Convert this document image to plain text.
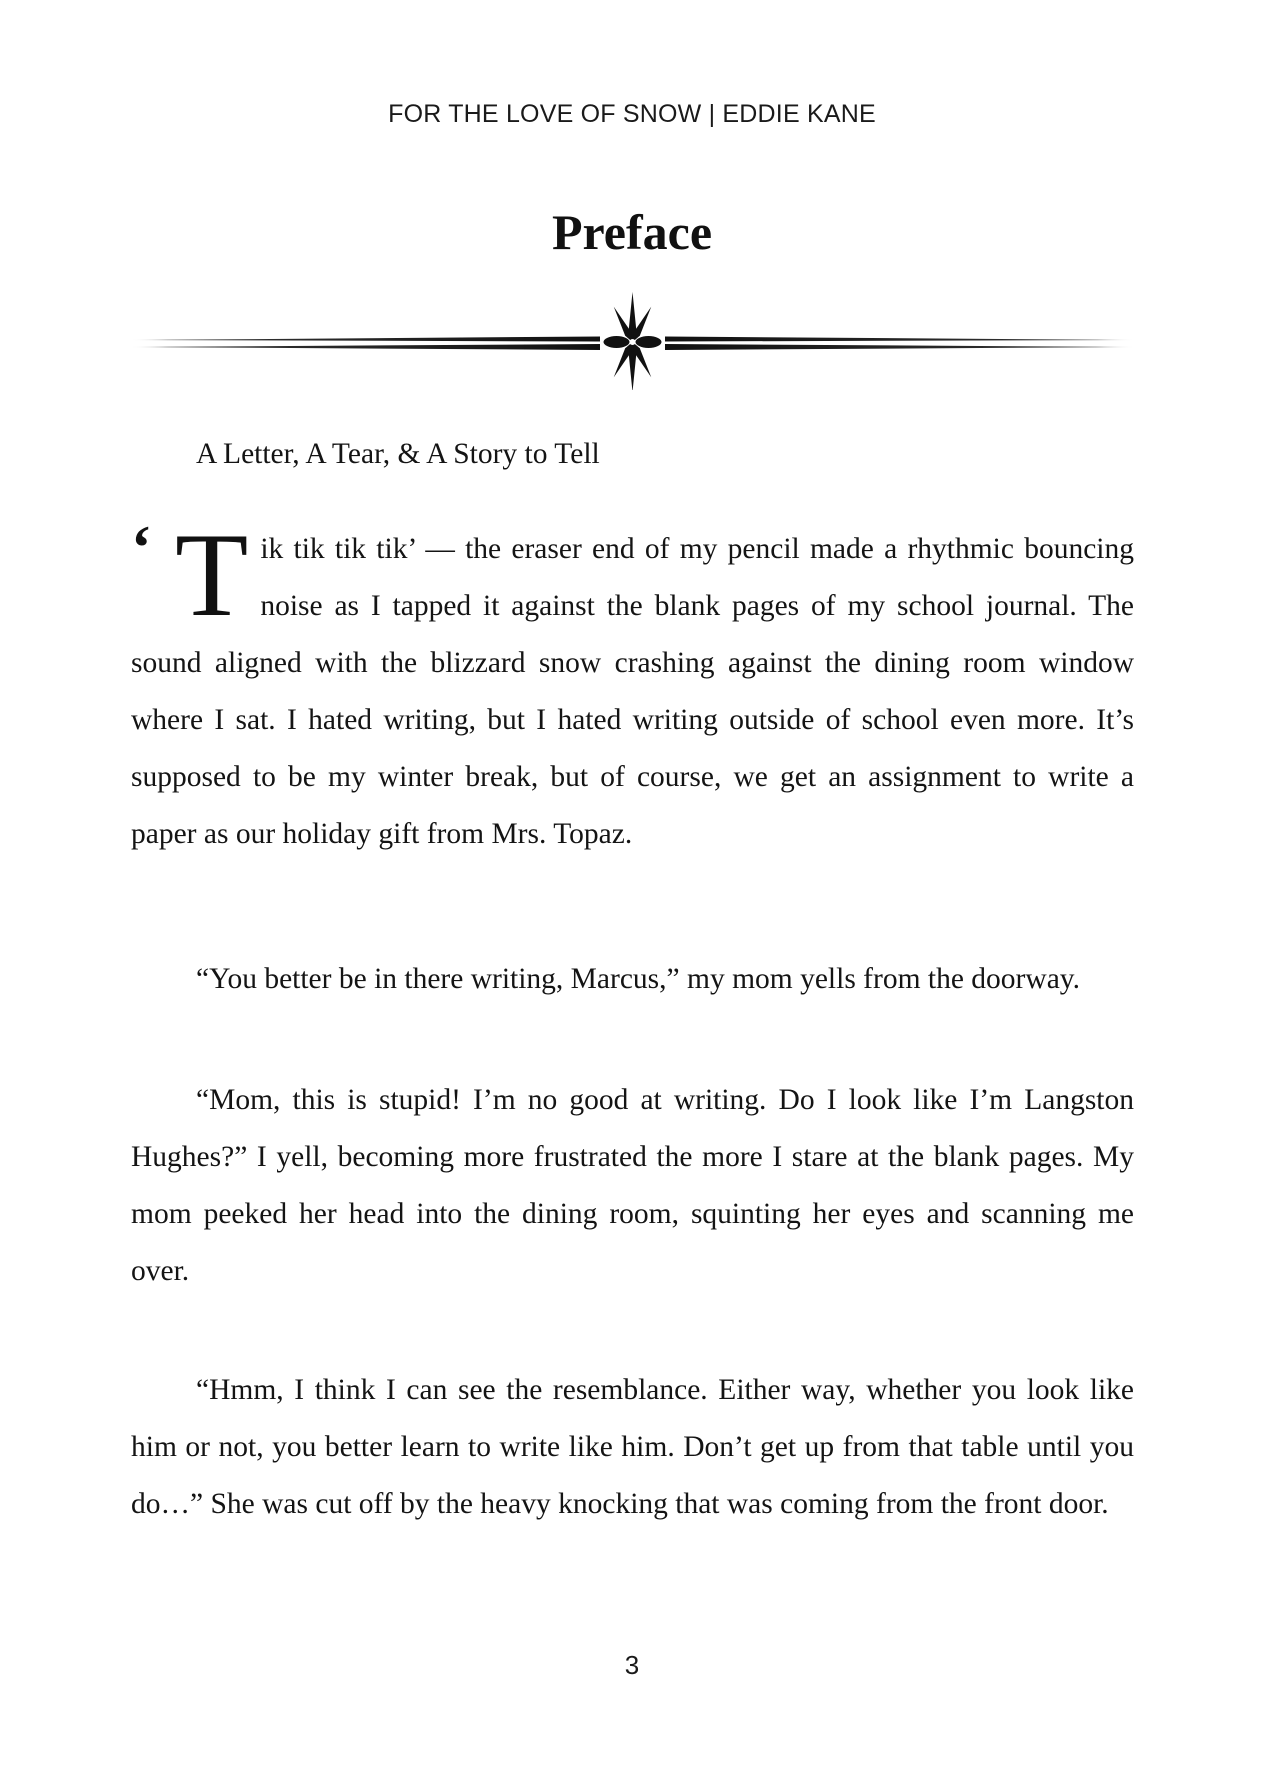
FOR THE LOVE OF SNOW | EDDIE KANE
Preface
A Letter, A Tear, & A Story to Tell
‘ Tik tik tik tik’ — the eraser end of my pencil made a rhythmic bouncing noise as I tapped it against the blank pages of my school journal. The sound aligned with the blizzard snow crashing against the dining room window where I sat. I hated writing, but I hated writing outside of school even more. It’s supposed to be my winter break, but of course, we get an assignment to write a paper as our holiday gift from Mrs. Topaz.

“You better be in there writing, Marcus,” my mom yells from the doorway.

“Mom, this is stupid! I’m no good at writing. Do I look like I’m Langston Hughes?” I yell, becoming more frustrated the more I stare at the blank pages. My mom peeked her head into the dining room, squinting her eyes and scanning me over.

“Hmm, I think I can see the resemblance. Either way, whether you look like him or not, you better learn to write like him. Don’t get up from that table until you do…” She was cut off by the heavy knocking that was coming from the front door.

3
